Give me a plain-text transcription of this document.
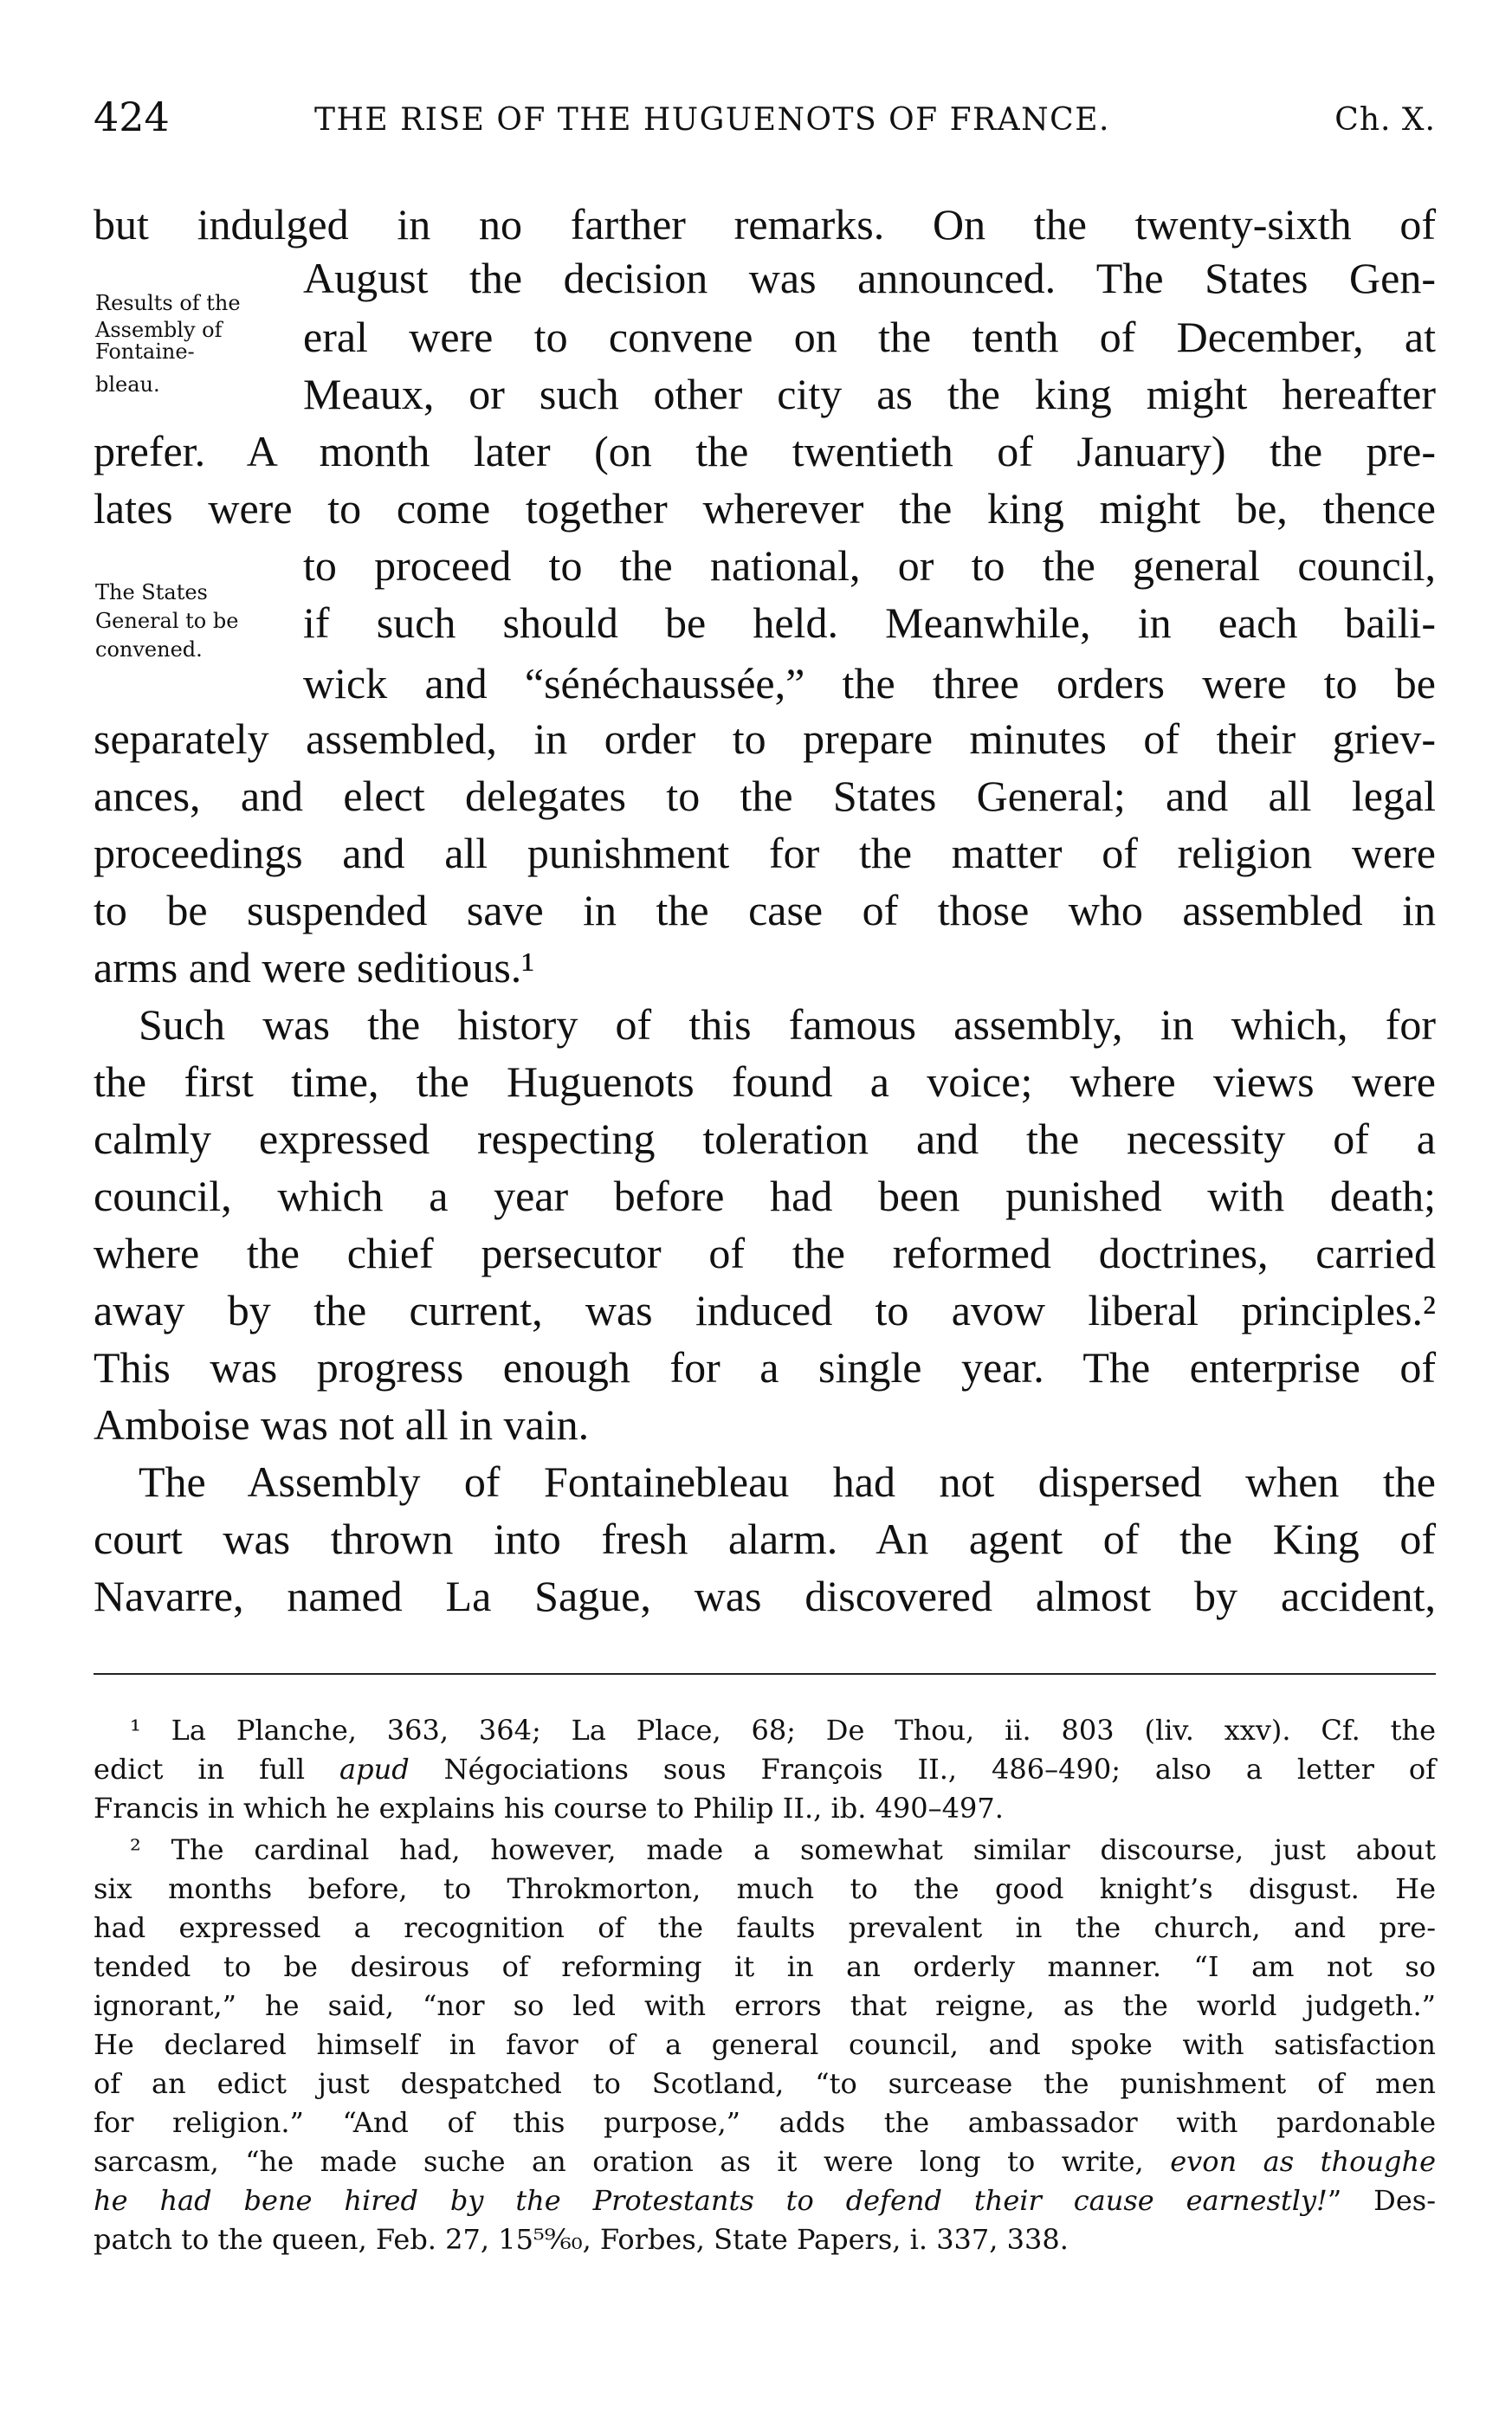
424	THE RISE OF THE HUGUENOTS OF FRANCE.	Ch. X.
Results of the
Assembly of
Fontaine-
bleau.
The States
General to be
convened.
but indulged in no farther remarks. On the twenty-sixth of
August the decision was announced. The States Gen-
eral were to convene on the tenth of December, at
Meaux, or such other city as the king might hereafter
prefer. A month later (on the twentieth of January) the pre-
lates were to come together wherever the king might be, thence
to proceed to the national, or to the general council,
if such should be held. Meanwhile, in each baili-
wick and “sénéchaussée,” the three orders were to be
separately assembled, in order to prepare minutes of their griev-
ances, and elect delegates to the States General; and all legal
proceedings and all punishment for the matter of religion were
to be suspended save in the case of those who assembled in
arms and were seditious.¹
Such was the history of this famous assembly, in which, for
the first time, the Huguenots found a voice; where views were
calmly expressed respecting toleration and the necessity of a
council, which a year before had been punished with death;
where the chief persecutor of the reformed doctrines, carried
away by the current, was induced to avow liberal principles.²
This was progress enough for a single year. The enterprise of
Amboise was not all in vain.
The Assembly of Fontainebleau had not dispersed when the
court was thrown into fresh alarm. An agent of the King of
Navarre, named La Sague, was discovered almost by accident,
¹ La Planche, 363, 364; La Place, 68; De Thou, ii. 803 (liv. xxv). Cf. the
edict in full apud Négociations sous François II., 486–490; also a letter of
Francis in which he explains his course to Philip II., ib. 490–497.
² The cardinal had, however, made a somewhat similar discourse, just about
six months before, to Throkmorton, much to the good knight’s disgust. He
had expressed a recognition of the faults prevalent in the church, and pre-
tended to be desirous of reforming it in an orderly manner. “I am not so
ignorant,” he said, “nor so led with errors that reigne, as the world judgeth.”
He declared himself in favor of a general council, and spoke with satisfaction
of an edict just despatched to Scotland, “to surcease the punishment of men
for religion.” “And of this purpose,” adds the ambassador with pardonable
sarcasm, “he made suche an oration as it were long to write, evon as thoughe
he had bene hired by the Protestants to defend their cause earnestly!” Des-
patch to the queen, Feb. 27, 15⁵⁹⁄₆₀, Forbes, State Papers, i. 337, 338.
